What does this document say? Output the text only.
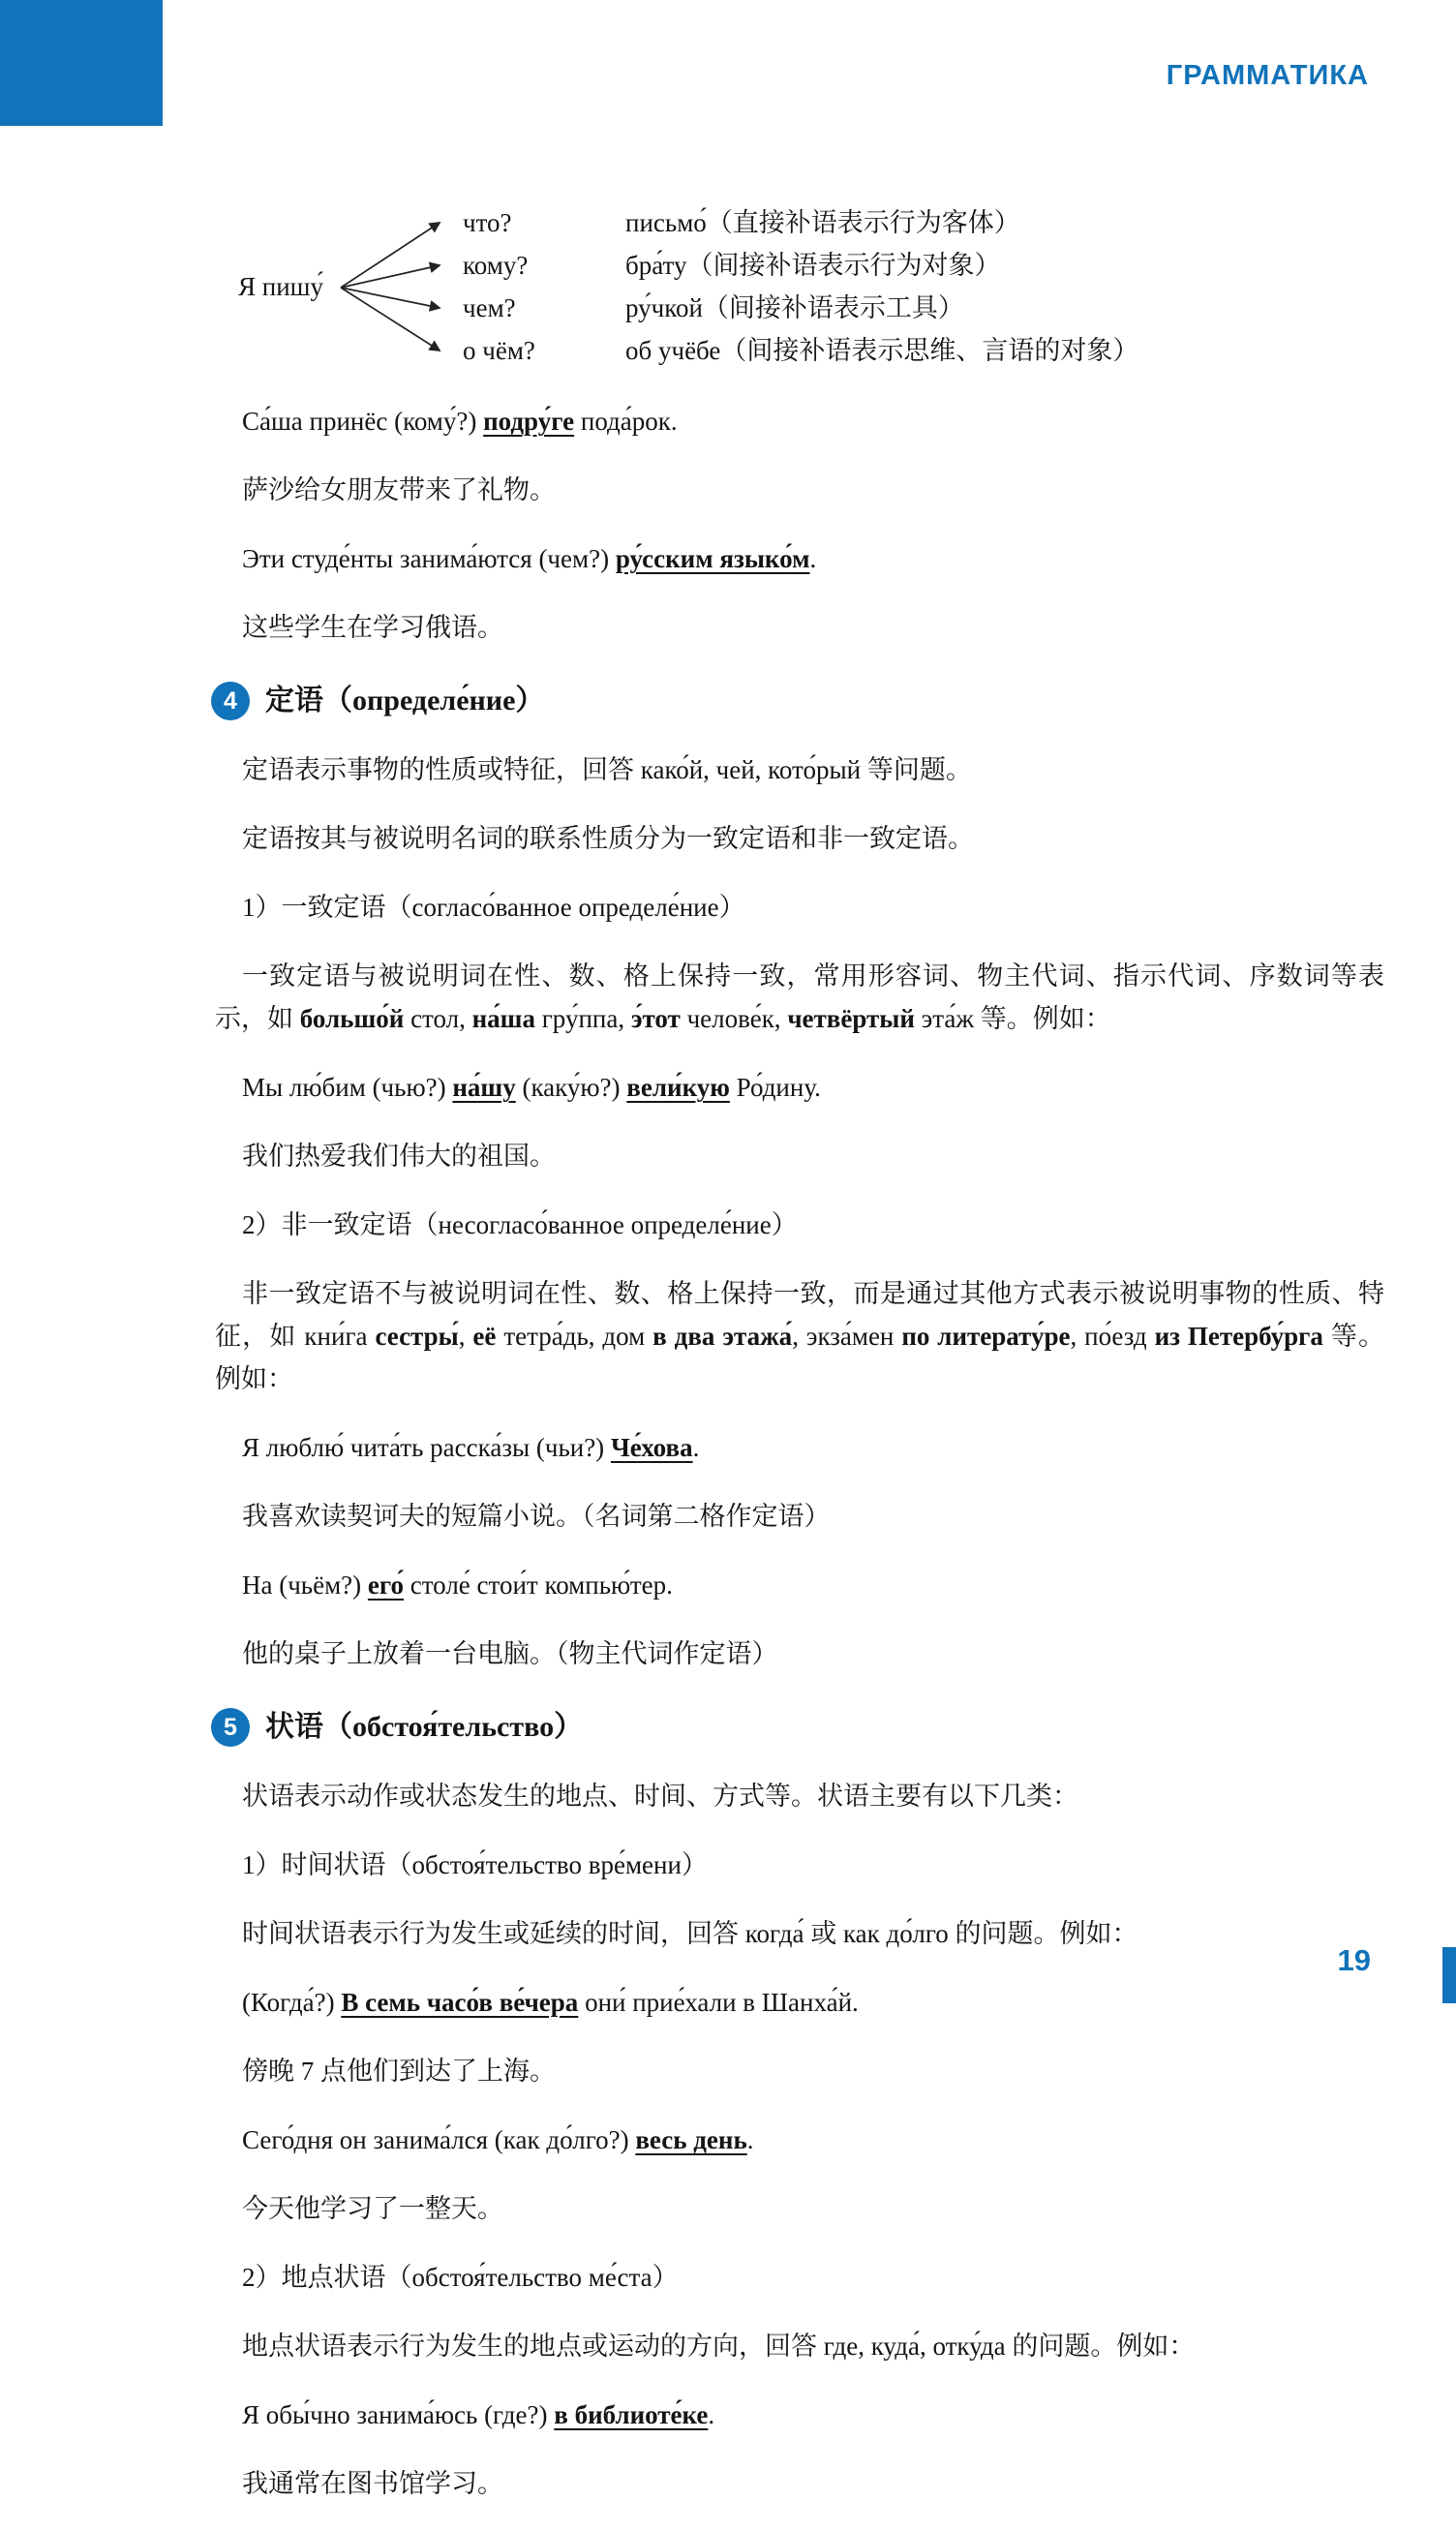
ГРАММАТИКА
Я пишу́
что?	письмо́（直接补语表示行为客体）
кому?	бра́ту（间接补语表示行为对象）
чем?	ру́чкой（间接补语表示工具）
о чём?	об учёбе（间接补语表示思维、言语的对象）

Са́ша принёс (кому́?) подру́ге пода́рок.

萨沙给女朋友带来了礼物。

Эти студе́нты занима́ются (чем?) ру́сским языко́м.

这些学生在学习俄语。

4 定语（определе́ние）

定语表示事物的性质或特征，回答 како́й, чей, кото́рый 等问题。

定语按其与被说明名词的联系性质分为一致定语和非一致定语。

1）一致定语（согласо́ванное определе́ние）

一致定语与被说明词在性、数、格上保持一致，常用形容词、物主代词、指示代词、序数词等表示，如 большо́й стол, на́ша гру́ппа, э́тот челове́к, четвёртый эта́ж 等。例如：

Мы лю́бим (чью?) на́шу (каку́ю?) вели́кую Ро́дину.

我们热爱我们伟大的祖国。

2）非一致定语（несогласо́ванное определе́ние）

非一致定语不与被说明词在性、数、格上保持一致，而是通过其他方式表示被说明事物的性质、特征，如 кни́га сестры́, её тетра́дь, дом в два этажа́, экза́мен по литерату́ре, по́езд из Петербу́рга 等。例如：

Я люблю́ чита́ть расска́зы (чьи?) Че́хова.

我喜欢读契诃夫的短篇小说。（名词第二格作定语）

На (чьём?) его́ столе́ стои́т компью́тер.

他的桌子上放着一台电脑。（物主代词作定语）

5 状语（обстоя́тельство）

状语表示动作或状态发生的地点、时间、方式等。状语主要有以下几类：

1）时间状语（обстоя́тельство вре́мени）

时间状语表示行为发生或延续的时间，回答 когда́ 或 как до́лго 的问题。例如：

(Когда́?) В семь часо́в ве́чера они́ прие́хали в Шанха́й.

傍晚 7 点他们到达了上海。

Сего́дня он занима́лся (как до́лго?) весь день.

今天他学习了一整天。

2）地点状语（обстоя́тельство ме́ста）

地点状语表示行为发生的地点或运动的方向，回答 где, куда́, отку́да 的问题。例如：

Я обы́чно занима́юсь (где?) в библиоте́ке.

我通常在图书馆学习。

19
